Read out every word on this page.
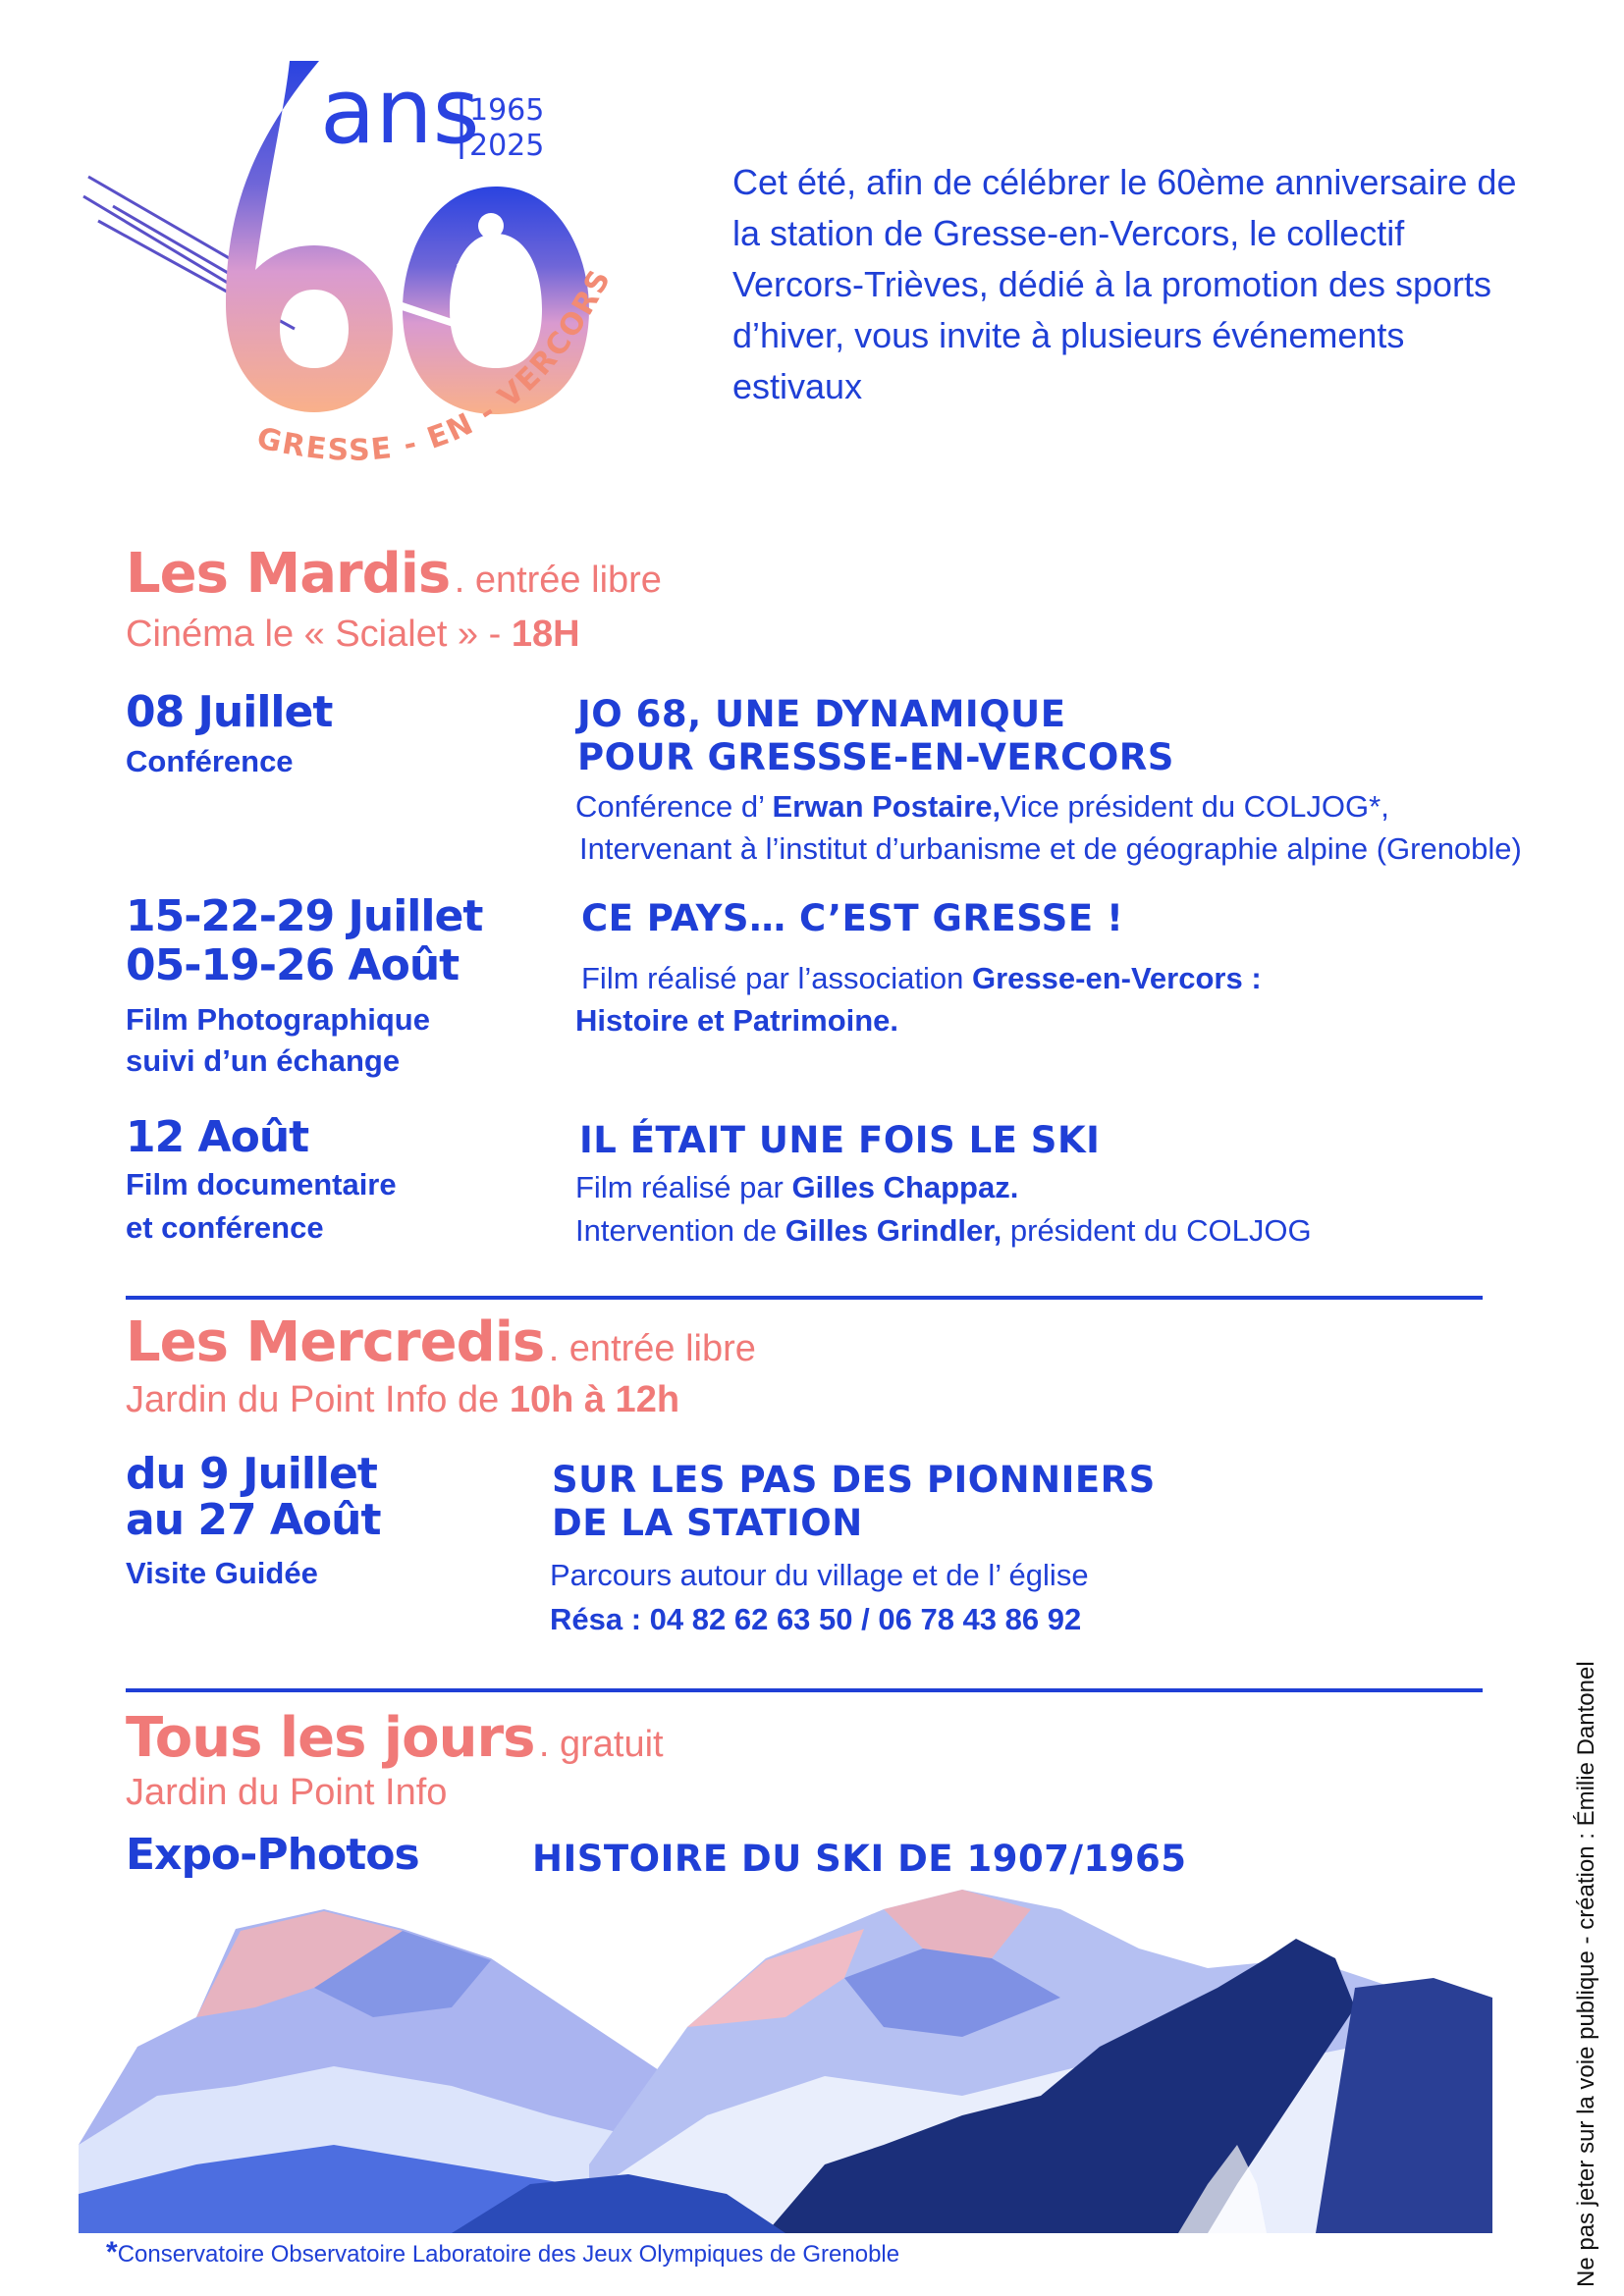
ans
1965
2025
GRESSE - EN - VERCORS
Cet été, afin de célébrer le 60ème anniversaire de la station de Gresse-en-Vercors, le collectif Vercors-Trièves, dédié à la promotion des sports d’hiver, vous invite à plusieurs événements estivaux
Les Mardis . entrée libre
Cinéma le « Scialet » - 18H
08 Juillet
Conférence
JO 68, UNE DYNAMIQUE
POUR GRESSSE-EN-VERCORS
Conférence d’ Erwan Postaire,Vice président du COLJOG*,
Intervenant à l’institut d’urbanisme et de géographie alpine (Grenoble)
15-22-29 Juillet
05-19-26 Août
Film Photographique
suivi d’un échange
CE PAYS… C’EST GRESSE !
Film réalisé par l’association Gresse-en-Vercors :
Histoire et Patrimoine.
12 Août
Film documentaire
et conférence
IL ÉTAIT UNE FOIS LE SKI
Film réalisé par Gilles Chappaz.
Intervention de Gilles Grindler, président du COLJOG
Les Mercredis . entrée libre
Jardin du Point Info de 10h à 12h
du 9 Juillet
au 27 Août
Visite Guidée
SUR LES PAS DES PIONNIERS
DE LA STATION
Parcours autour du village et de l’ église
Résa : 04 82 62 63 50 / 06 78 43 86 92
Tous les jours . gratuit
Jardin du Point Info
Expo-Photos	HISTOIRE DU SKI DE 1907/1965
*Conservatoire Observatoire Laboratoire des Jeux Olympiques de Grenoble	Ne pas jeter sur la voie publique - création : Émilie Dantonel
